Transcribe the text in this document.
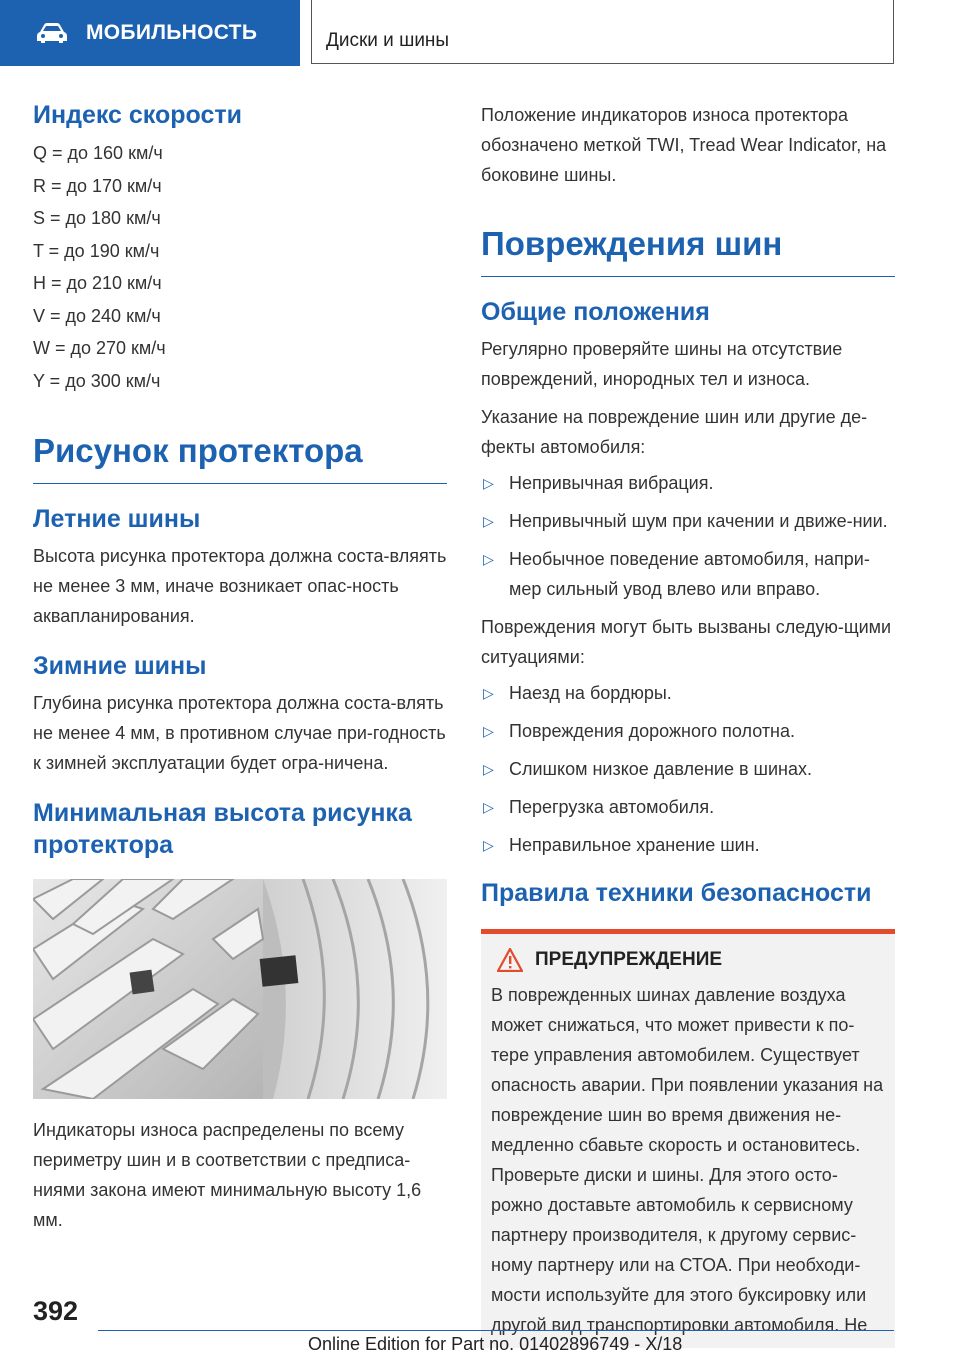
МОБИЛЬНОСТЬ	Диски и шины
Индекс скорости

Q = до 160 км/ч

R = до 170 км/ч

S = до 180 км/ч

T = до 190 км/ч

H = до 210 км/ч

V = до 240 км/ч

W = до 270 км/ч

Y = до 300 км/ч

Рисунок протектора
Летние шины

Высота рисунка протектора должна соста-вляять не менее 3 мм, иначе возникает опас-ность аквапланирования.

Зимние шины

Глубина рисунка протектора должна соста-влять не менее 4 мм, в противном случае при-годность к зимней эксплуатации будет огра-ничена.

Минимальная высота рисунка протектора

Индикаторы износа распределены по всему периметру шин и в соответствии с предписа-ниями закона имеют минимальную высоту 1,6 мм.

Положение индикаторов износа протектора обозначено меткой TWI, Tread Wear Indicator, на боковине шины.

Повреждения шин
Общие положения

Регулярно проверяйте шины на отсутствие повреждений, инородных тел и износа.

Указание на повреждение шин или другие де-фекты автомобиля:

▷ Непривычная вибрация.
▷ Непривычный шум при качении и движе-нии.
▷ Необычное поведение автомобиля, напри-мер сильный увод влево или вправо.

Повреждения могут быть вызваны следую-щими ситуациями:

▷ Наезд на бордюры.
▷ Повреждения дорожного полотна.
▷ Слишком низкое давление в шинах.
▷ Перегрузка автомобиля.
▷ Неправильное хранение шин.
Правила техники безопасности
ПРЕДУПРЕЖДЕНИЕ

В поврежденных шинах давление воздуха может снижаться, что может привести к по-тере управления автомобилем. Существует опасность аварии. При появлении указания на повреждение шин во время движения не-медленно сбавьте скорость и остановитесь. Проверьте диски и шины. Для этого осто-рожно доставьте автомобиль к сервисному партнеру производителя, к другому сервис-ному партнеру или на СТОА. При необходи-мости используйте для этого буксировку или другой вид транспортировки автомобиля. Не

392
Online Edition for Part no. 01402896749 - X/18
